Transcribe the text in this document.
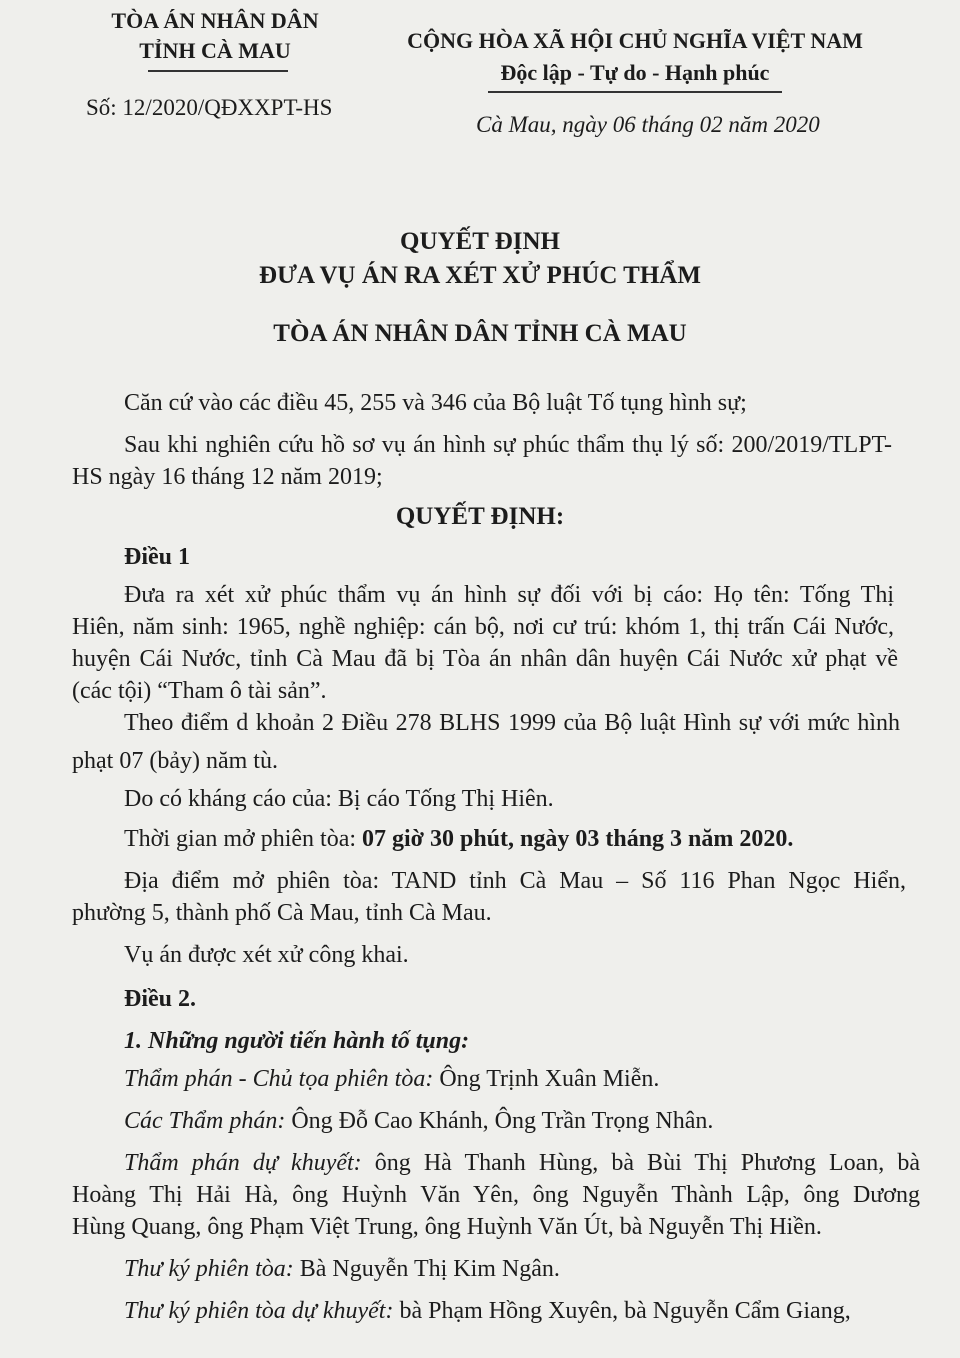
TÒA ÁN NHÂN DÂN
TỈNH CÀ MAU
Số: 12/2020/QĐXXPT-HS
CỘNG HÒA XÃ HỘI CHỦ NGHĨA VIỆT NAM
Độc lập - Tự do - Hạnh phúc
Cà Mau, ngày 06 tháng 02 năm 2020
QUYẾT ĐỊNH
ĐƯA VỤ ÁN RA XÉT XỬ PHÚC THẨM
TÒA ÁN NHÂN DÂN TỈNH CÀ MAU
Căn cứ vào các điều 45, 255 và 346 của Bộ luật Tố tụng hình sự;
Sau khi nghiên cứu hồ sơ vụ án hình sự phúc thẩm thụ lý số: 200/2019/TLPT-
HS ngày 16 tháng 12 năm 2019;
QUYẾT ĐỊNH:
Điều 1
Đưa ra xét xử phúc thẩm vụ án hình sự đối với bị cáo: Họ tên: Tống Thị
Hiên, năm sinh: 1965, nghề nghiệp: cán bộ, nơi cư trú: khóm 1, thị trấn Cái Nước,
huyện Cái Nước, tỉnh Cà Mau đã bị Tòa án nhân dân huyện Cái Nước xử phạt về
(các tội) “Tham ô tài sản”.
Theo điểm d khoản 2 Điều 278 BLHS 1999 của Bộ luật Hình sự với mức hình
phạt 07 (bảy) năm tù.
Do có kháng cáo của: Bị cáo Tống Thị Hiên.
Thời gian mở phiên tòa: 07 giờ 30 phút, ngày 03 tháng 3 năm 2020.
Địa điểm mở phiên tòa: TAND tỉnh Cà Mau – Số 116 Phan Ngọc Hiển,
phường 5, thành phố Cà Mau, tỉnh Cà Mau.
Vụ án được xét xử công khai.
Điều 2.
1. Những người tiến hành tố tụng:
Thẩm phán - Chủ tọa phiên tòa: Ông Trịnh Xuân Miễn.
Các Thẩm phán: Ông Đỗ Cao Khánh, Ông Trần Trọng Nhân.
Thẩm phán dự khuyết: ông Hà Thanh Hùng, bà Bùi Thị Phương Loan, bà
Hoàng Thị Hải Hà, ông Huỳnh Văn Yên, ông Nguyễn Thành Lập, ông Dương
Hùng Quang, ông Phạm Việt Trung, ông Huỳnh Văn Út, bà Nguyễn Thị Hiền.
Thư ký phiên tòa: Bà Nguyễn Thị Kim Ngân.
Thư ký phiên tòa dự khuyết: bà Phạm Hồng Xuyên, bà Nguyễn Cẩm Giang,
